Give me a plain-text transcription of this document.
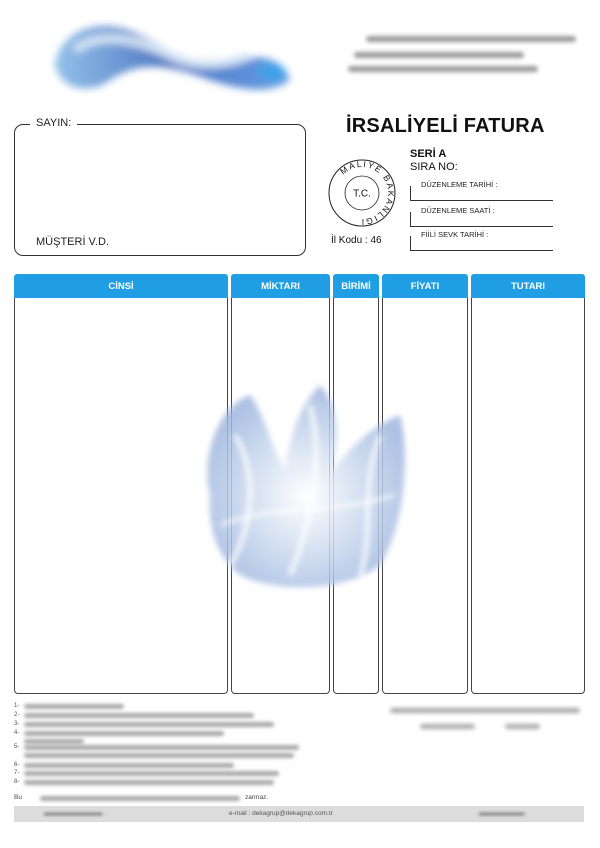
SAYIN:
MÜŞTERİ V.D.
İRSALİYELİ FATURA
SERİ A
SIRA NO:
MALİYE BAKANLIĞI
T.C.
İl Kodu : 46
DÜZENLEME TARİHİ :
DÜZENLEME SAATİ :
FİİLİ SEVK TARİHİ :
CİNSİ	MİKTARI	BİRİMİ	FİYATI	TUTARI
1-
2-
3-
4-
5-
6-
7-
8-
Bu	zarmaz.
▬▬▬▬▬▬▬▬▬	e-mail : dekagrup@dekagrup.com.tr	▬▬▬▬▬▬▬
